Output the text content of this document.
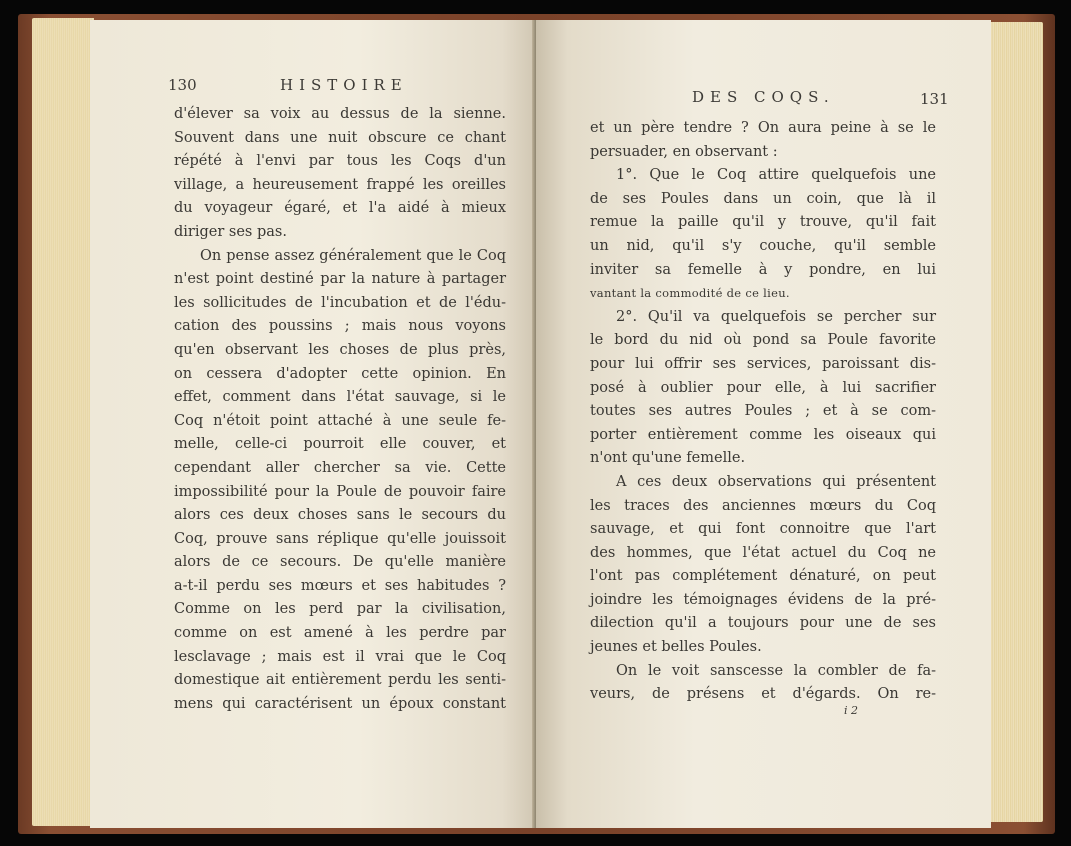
130	HISTOIRE
d'élever sa voix au dessus de la sienne.
Souvent dans une nuit obscure ce chant
répété à l'envi par tous les Coqs d'un
village, a heureusement frappé les oreilles
du voyageur égaré, et l'a aidé à mieux
diriger ses pas.
On pense assez généralement que le Coq
n'est point destiné par la nature à partager
les sollicitudes de l'incubation et de l'édu-
cation des poussins ; mais nous voyons
qu'en observant les choses de plus près,
on cessera d'adopter cette opinion. En
effet, comment dans l'état sauvage, si le
Coq n'étoit point attaché à une seule fe-
melle, celle-ci pourroit elle couver, et
cependant aller chercher sa vie. Cette
impossibilité pour la Poule de pouvoir faire
alors ces deux choses sans le secours du
Coq, prouve sans réplique qu'elle jouissoit
alors de ce secours. De qu'elle manière
a-t-il perdu ses mœurs et ses habitudes ?
Comme on les perd par la civilisation,
comme on est amené à les perdre par
lesclavage ; mais est il vrai que le Coq
domestique ait entièrement perdu les senti-
mens qui caractérisent un époux constant
DES COQS.	131
et un père tendre ? On aura peine à se le
persuader, en observant :
1°. Que le Coq attire quelquefois une
de ses Poules dans un coin, que là il
remue la paille qu'il y trouve, qu'il fait
un nid, qu'il s'y couche, qu'il semble
inviter sa femelle à y pondre, en lui
vantant la commodité de ce lieu.
2°. Qu'il va quelquefois se percher sur
le bord du nid où pond sa Poule favorite
pour lui offrir ses services, paroissant dis-
posé à oublier pour elle, à lui sacrifier
toutes ses autres Poules ; et à se com-
porter entièrement comme les oiseaux qui
n'ont qu'une femelle.
A ces deux observations qui présentent
les traces des anciennes mœurs du Coq
sauvage, et qui font connoitre que l'art
des hommes, que l'état actuel du Coq ne
l'ont pas complétement dénaturé, on peut
joindre les témoignages évidens de la pré-
dilection qu'il a toujours pour une de ses
jeunes et belles Poules.
On le voit sanscesse la combler de fa-
veurs, de présens et d'égards. On re-
i 2
